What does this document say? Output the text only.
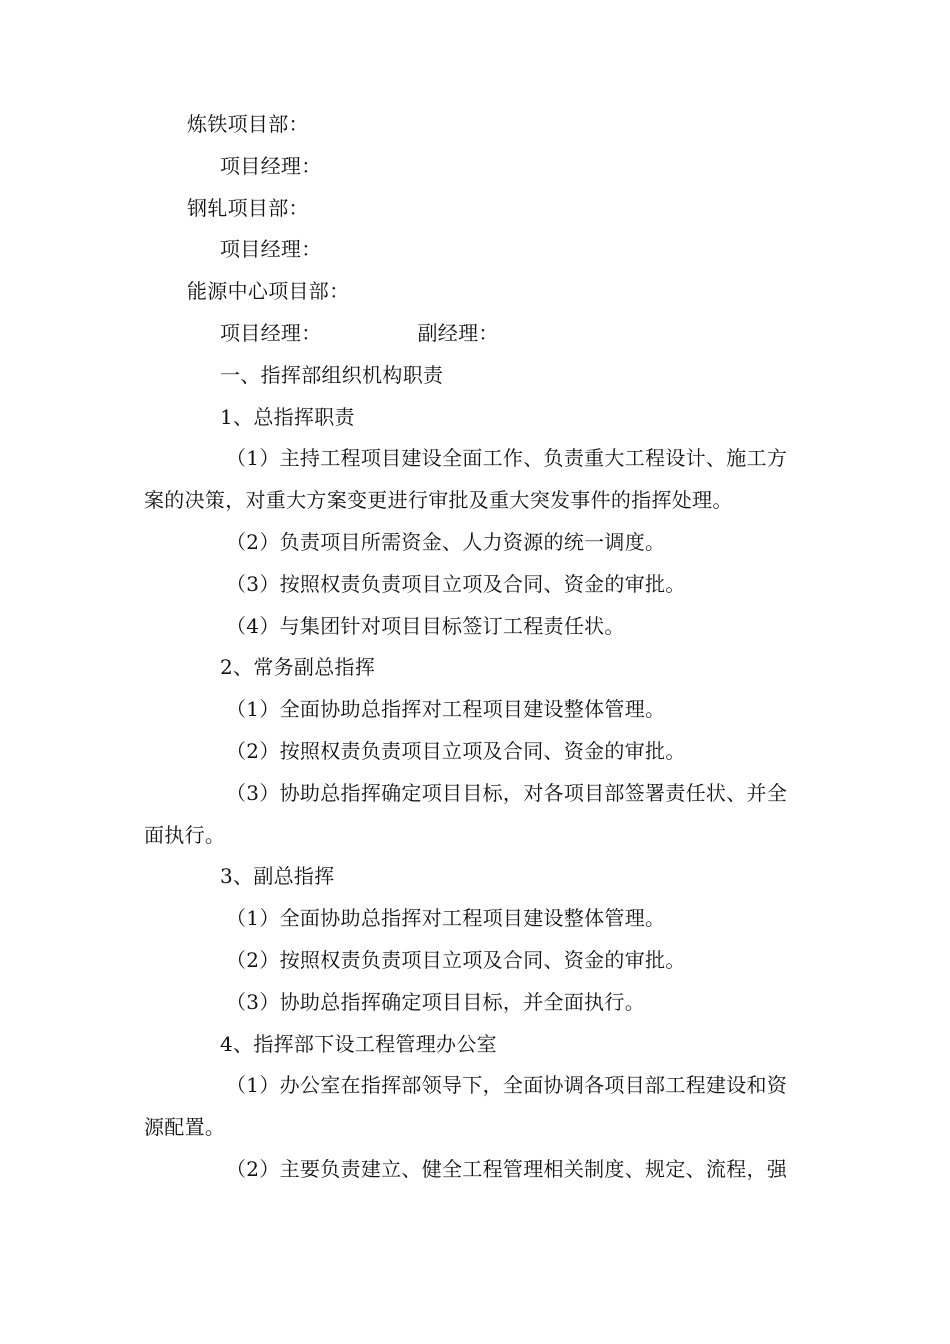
炼铁项目部：
项目经理：
钢轧项目部：
项目经理：
能源中心项目部：
项目经理：	副经理：
一、指挥部组织机构职责
1、总指挥职责
（1）主持工程项目建设全面工作、负责重大工程设计、施工方
案的决策，对重大方案变更进行审批及重大突发事件的指挥处理。
（2）负责项目所需资金、人力资源的统一调度。
（3）按照权责负责项目立项及合同、资金的审批。
（4）与集团针对项目目标签订工程责任状。
2、常务副总指挥
（1）全面协助总指挥对工程项目建设整体管理。
（2）按照权责负责项目立项及合同、资金的审批。
（3）协助总指挥确定项目目标，对各项目部签署责任状、并全
面执行。
3、副总指挥
（1）全面协助总指挥对工程项目建设整体管理。
（2）按照权责负责项目立项及合同、资金的审批。
（3）协助总指挥确定项目目标，并全面执行。
4、指挥部下设工程管理办公室
（1）办公室在指挥部领导下，全面协调各项目部工程建设和资
源配置。
（2）主要负责建立、健全工程管理相关制度、规定、流程，强
